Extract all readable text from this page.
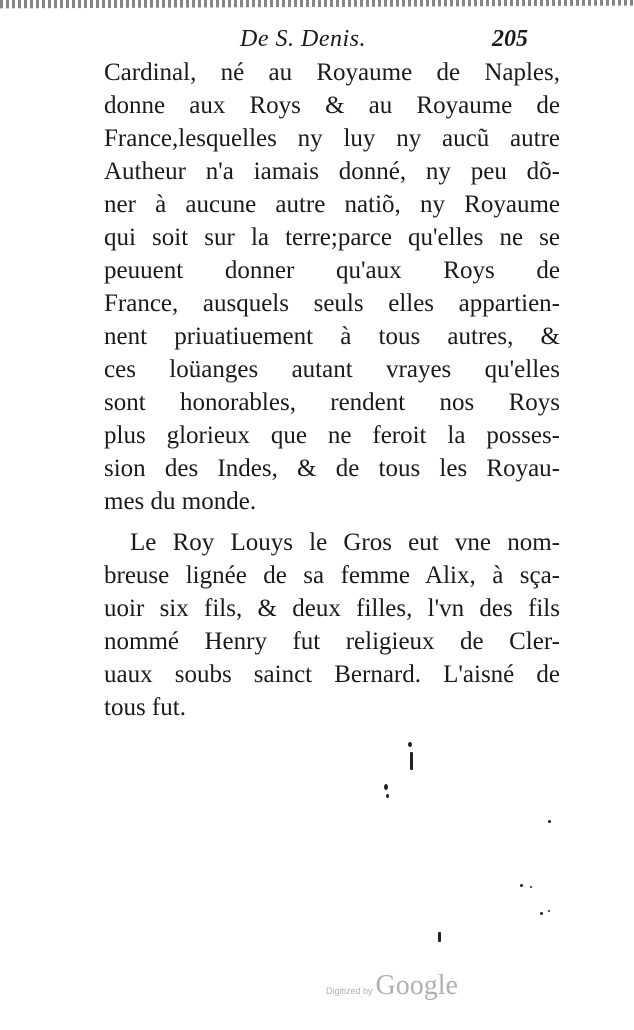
De S. Denis.	205
Cardinal, né au Royaume de Naples,
donne aux Roys & au Royaume de
France,lesquelles ny luy ny aucũ autre
Autheur n'a iamais donné, ny peu dõ-
ner à aucune autre natiõ, ny Royaume
qui soit sur la terre;parce qu'elles ne se
peuuent donner qu'aux Roys de
France, ausquels seuls elles appartien-
nent priuatiuement à tous autres, &
ces loüanges autant vrayes qu'elles
sont honorables, rendent nos Roys
plus glorieux que ne feroit la posses-
sion des Indes, & de tous les Royau-
mes du monde.
Le Roy Louys le Gros eut vne nom-
breuse lignée de sa femme Alix, à sça-
uoir six fils, & deux filles, l'vn des fils
nommé Henry fut religieux de Cler-
uaux soubs sainct Bernard. L'aisné de
tous fut.
Digitized by Google
